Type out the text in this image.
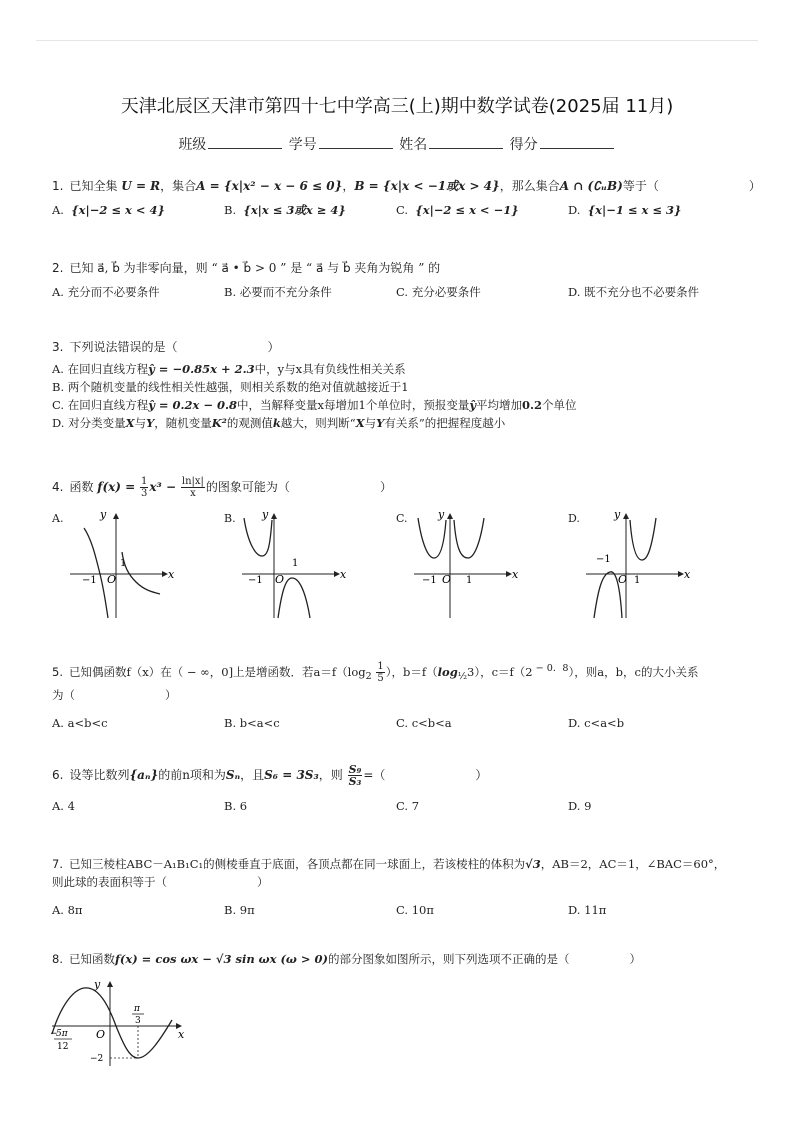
天津北辰区天津市第四十七中学高三(上)期中数学试卷(2025届 11月)
班级	学号	姓名	得分
1. 已知全集 U = R，集合A = {x|x² − x − 6 ≤ 0}，B = {x|x < −1或x > 4}，那么集合A ∩ (∁ᵤB)等于（	）
A. {x|−2 ≤ x < 4}	B. {x|x ≤ 3或x ≥ 4}	C. {x|−2 ≤ x < −1}	D. {x|−1 ≤ x ≤ 3}
2. 已知 a⃗, b⃗ 为非零向量，则 “ a⃗ • b⃗ > 0 ” 是 “ a⃗ 与 b⃗ 夹角为锐角 ” 的
A. 充分而不必要条件	B. 必要而不充分条件	C. 充分必要条件	D. 既不充分也不必要条件
3. 下列说法错误的是（	）
A. 在回归直线方程ŷ = −0.85x + 2.3中，y与x具有负线性相关关系
B. 两个随机变量的线性相关性越强，则相关系数的绝对值就越接近于1
C. 在回归直线方程ŷ = 0.2x − 0.8中，当解释变量x每增加1个单位时，预报变量ŷ平均增加0.2个单位
D. 对分类变量X与Y，随机变量K²的观测值k越大，则判断“X与Y有关系”的把握程度越小
4. 函数 $f(x) = \frac{1}{3} x^3 - \frac{\ln|x|}{x}$ 的图象可能为（	）
A.	y
x
O
−1
1
B. y
x
O
−1
1
C.	y
x
O
−1	1
D.	y
x
O
−1
1
5. 已知偶函数f（x）在（ − ∞，0]上是增函数．若$a=f(\log_2 \frac{1}{5}$ ），$b=f(\log_{\frac{1}{2}}3)$，c＝f（2 $^{- 0.8}$），则a，b，c的大小关系
为（	）
A. a<b<c	B. b<a<c	C. c<b<a	D. c<a<b
6. 设等比数列{aₙ}的前n项和为Sₙ，且S₆ = 3S₃，则 $\frac{\text{S₉}}{\text{S₃}}$ =（	）
A. 4	B. 6	C. 7	D. 9
7. 已知三棱柱ABC－A₁B₁C₁的侧棱垂直于底面，各顶点都在同一球面上，若该棱柱的体积为√3，AB＝2，AC＝1，∠BAC＝60°，
则此球的表面积等于（	）
A. 8π	B. 9π	C. 10π	D. 11π
8. 已知函数f(x) = cos ωx − √3 sin ωx (ω > 0)的部分图象如图所示，则下列选项不正确的是（	）
y
x
O
π
3
−
5π
12
−2
